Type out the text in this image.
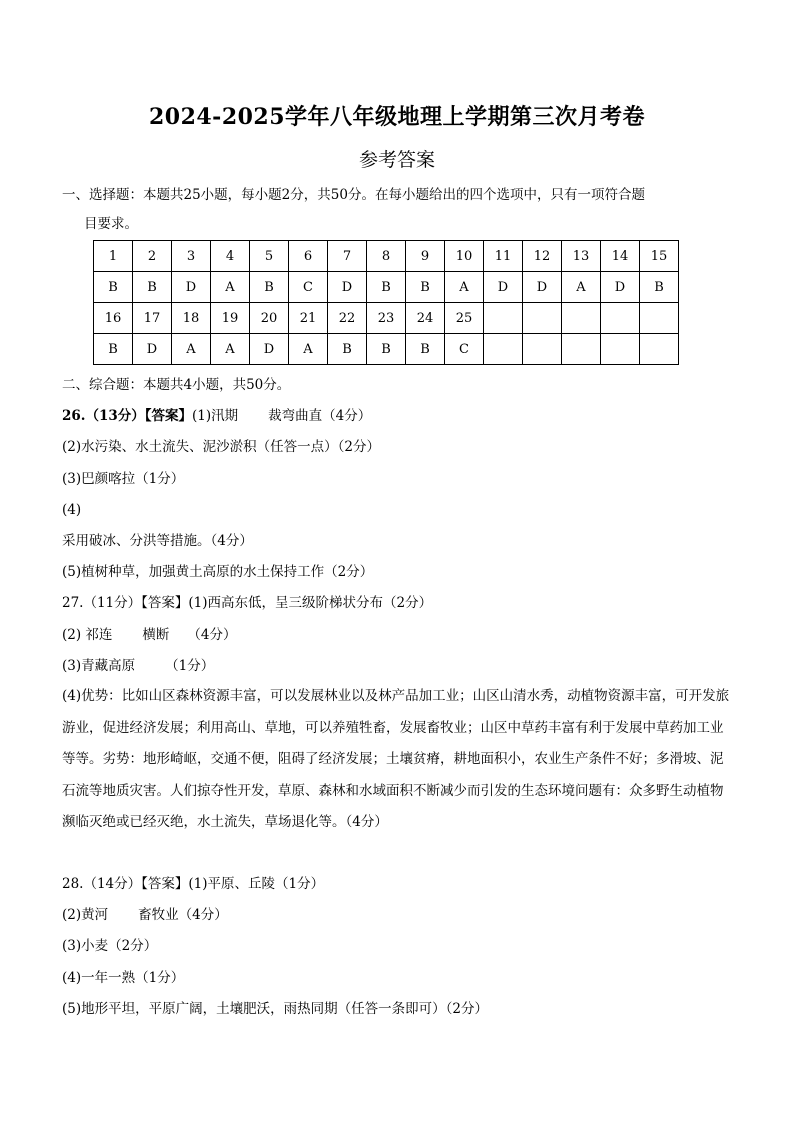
2024-2025学年八年级地理上学期第三次月考卷
参考答案
一、选择题：本题共25小题，每小题2分，共50分。在每小题给出的四个选项中，只有一项符合题
目要求。
1	2	3	4	5	6	7	8	9	10	11	12	13	14	15
B	B	D	A	B	C	D	B	B	A	D	D	A	D	B
16	17	18	19	20	21	22	23	24	25					
B	D	A	A	D	A	B	B	B	C					
二、综合题：本题共4小题，共50分。
26.（13分）【答案】(1)汛期 裁弯曲直（4分）
(2)水污染、水土流失、泥沙淤积（任答一点）（2分）
(3)巴颜喀拉（1分）
(4)
采用破冰、分洪等措施。（4分）
(5)植树种草，加强黄土高原的水土保持工作（2分）
27.（11分）【答案】(1)西高东低，呈三级阶梯状分布（2分）
(2) 祁连 横断 （4分）
(3)青藏高原 （1分）
(4)优势：比如山区森林资源丰富，可以发展林业以及林产品加工业；山区山清水秀，动植物资源丰富，可开发旅游业，促进经济发展；利用高山、草地，可以养殖牲畜，发展畜牧业；山区中草药丰富有利于发展中草药加工业等等。劣势：地形崎岖，交通不便，阻碍了经济发展；土壤贫瘠，耕地面积小，农业生产条件不好；多滑坡、泥石流等地质灾害。人们掠夺性开发，草原、森林和水域面积不断减少而引发的生态环境问题有：众多野生动植物濒临灭绝或已经灭绝，水土流失，草场退化等。（4分）
28.（14分）【答案】(1)平原、丘陵（1分）
(2)黄河 畜牧业（4分）
(3)小麦（2分）
(4)一年一熟（1分）
(5)地形平坦，平原广阔，土壤肥沃，雨热同期（任答一条即可）（2分）
